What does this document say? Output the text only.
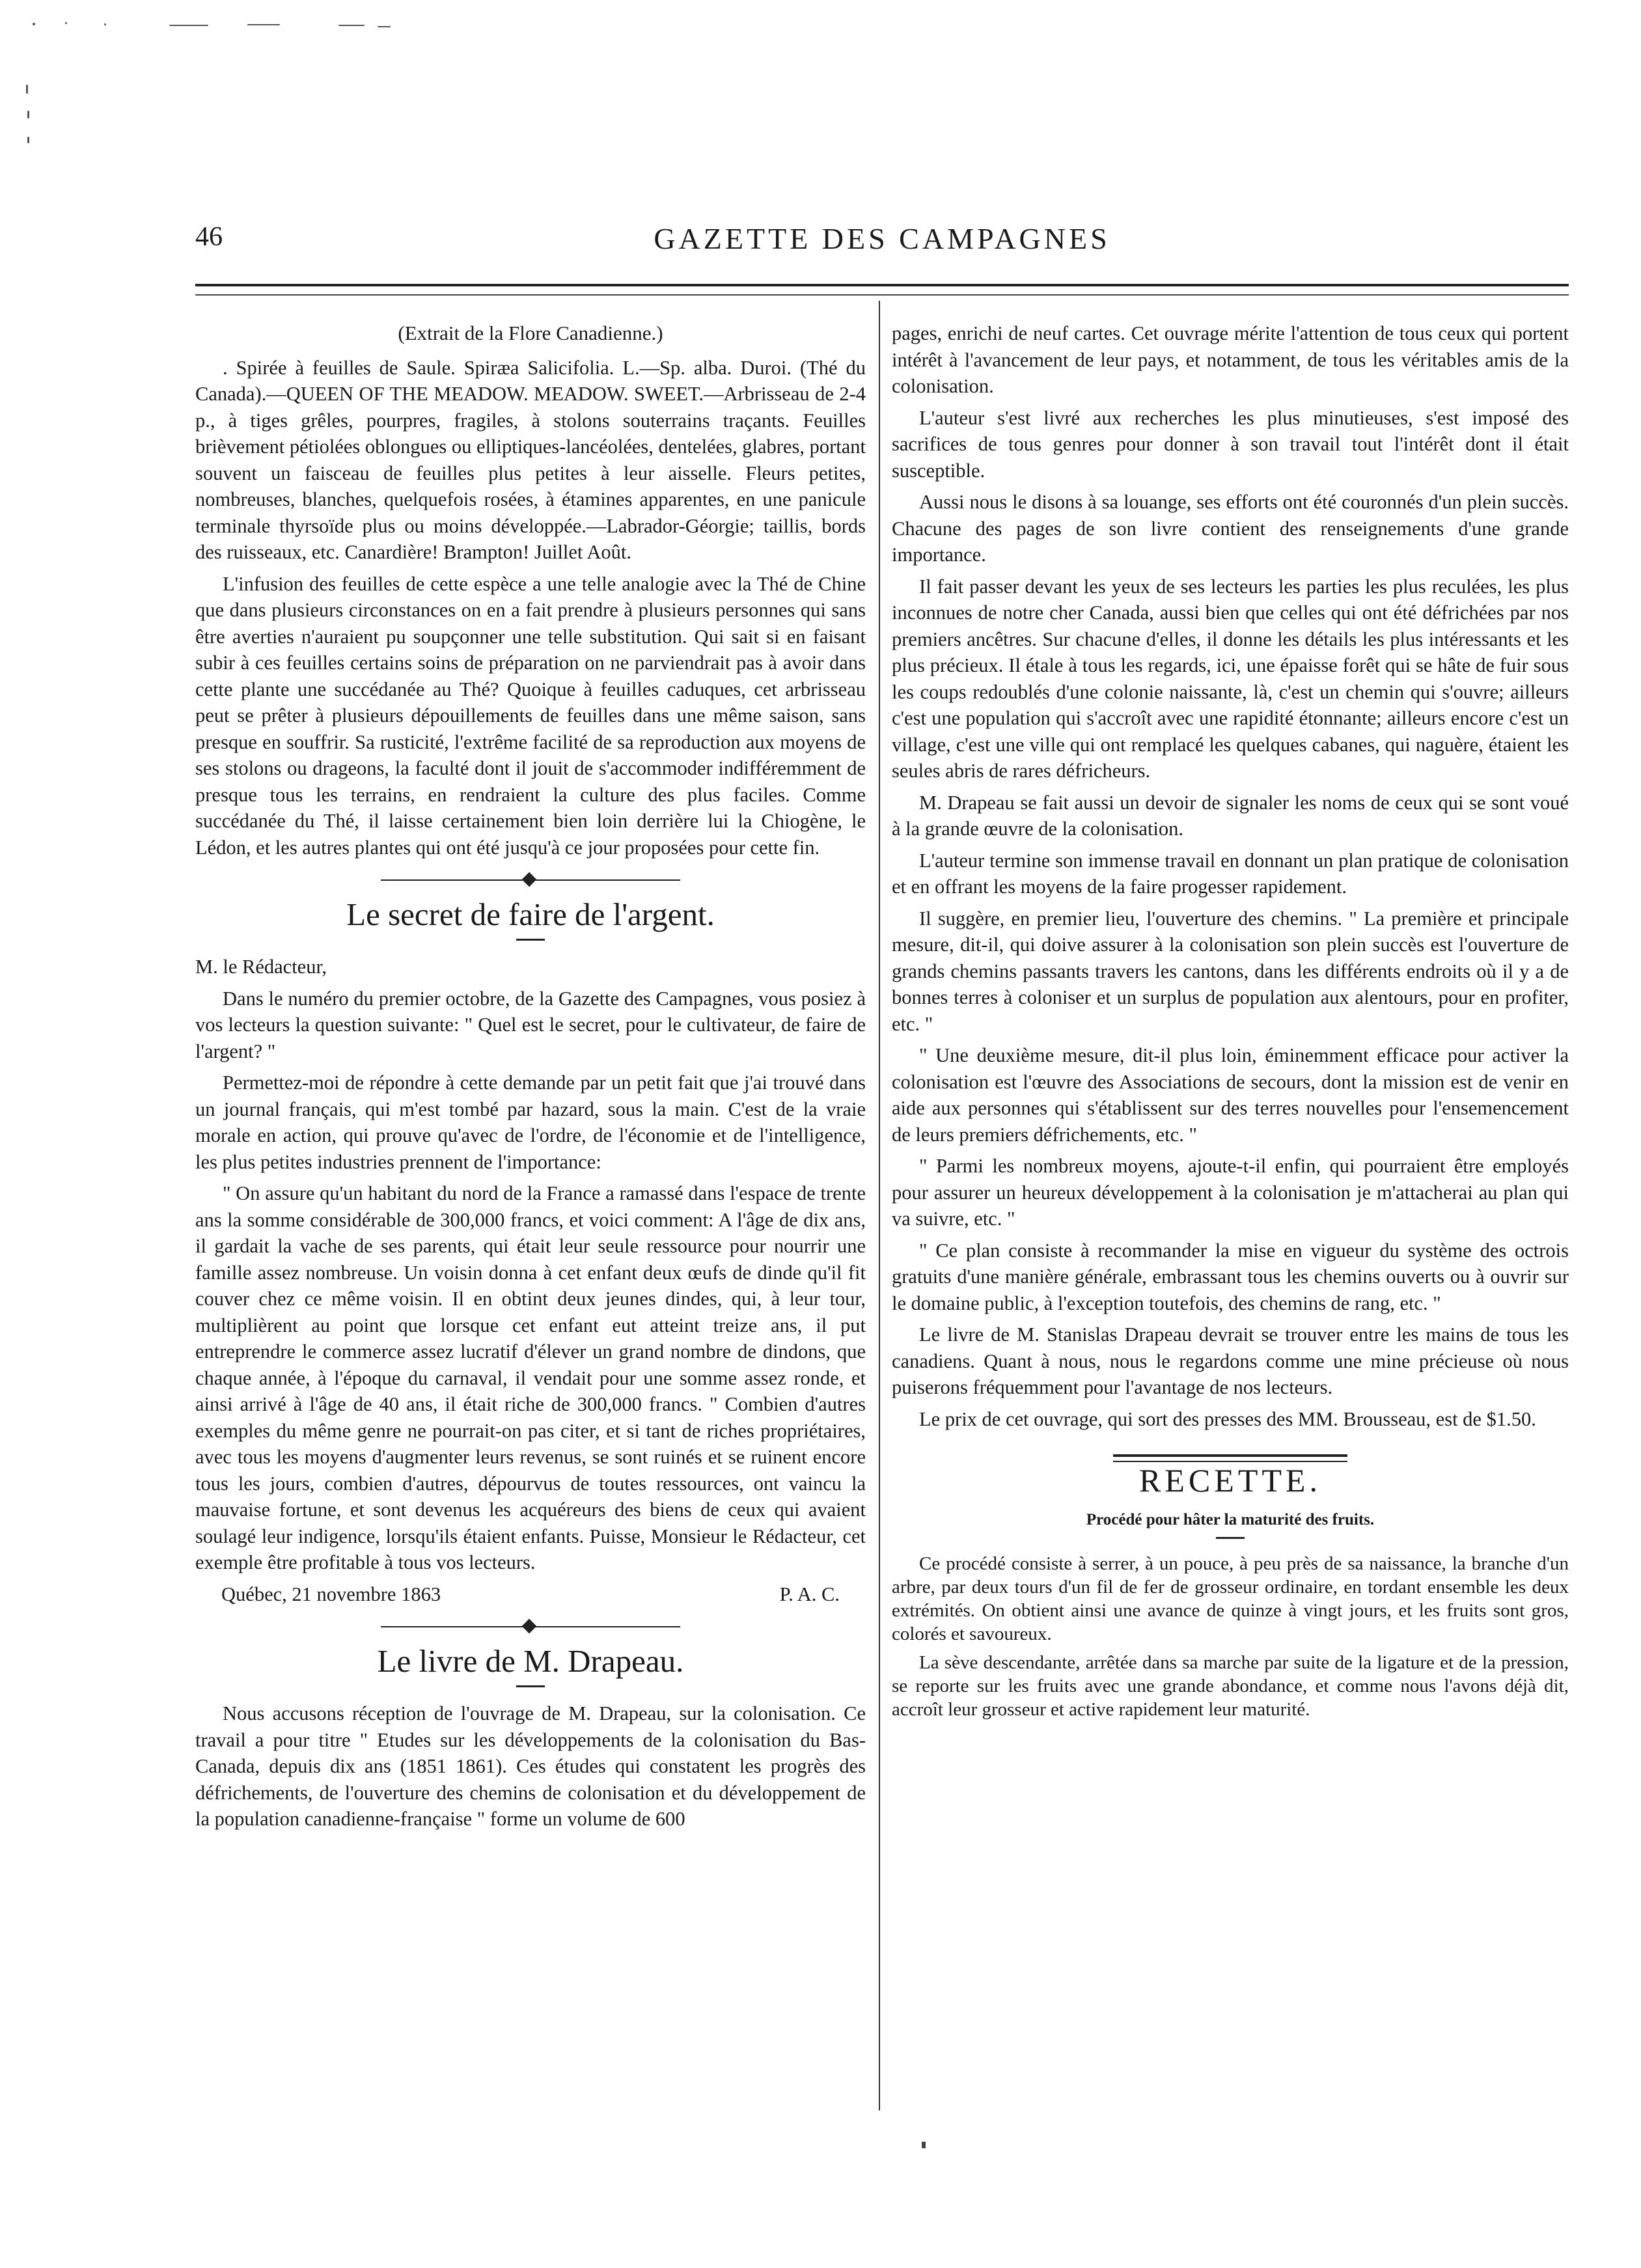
46	GAZETTE DES CAMPAGNES
(Extrait de la Flore Canadienne.)

. Spirée à feuilles de Saule. Spiræa Salicifolia. L.—Sp. alba. Duroi. (Thé du Canada).—QUEEN OF THE MEADOW. MEADOW. SWEET.—Arbrisseau de 2-4 p., à tiges grêles, pourpres, fragiles, à stolons souterrains traçants. Feuilles brièvement pétiolées oblongues ou elliptiques-lancéolées, dentelées, glabres, portant souvent un faisceau de feuilles plus petites à leur aisselle. Fleurs petites, nombreuses, blanches, quelquefois rosées, à étamines apparentes, en une panicule terminale thyrsoïde plus ou moins développée.—Labrador-Géorgie; taillis, bords des ruisseaux, etc. Canardière! Brampton! Juillet Août.

L'infusion des feuilles de cette espèce a une telle analogie avec la Thé de Chine que dans plusieurs circonstances on en a fait prendre à plusieurs personnes qui sans être averties n'auraient pu soupçonner une telle substitution. Qui sait si en faisant subir à ces feuilles certains soins de préparation on ne parviendrait pas à avoir dans cette plante une succédanée au Thé? Quoique à feuilles caduques, cet arbrisseau peut se prêter à plusieurs dépouillements de feuilles dans une même saison, sans presque en souffrir. Sa rusticité, l'extrême facilité de sa reproduction aux moyens de ses stolons ou drageons, la faculté dont il jouit de s'accommoder indifféremment de presque tous les terrains, en rendraient la culture des plus faciles. Comme succédanée du Thé, il laisse certainement bien loin derrière lui la Chiogène, le Lédon, et les autres plantes qui ont été jusqu'à ce jour proposées pour cette fin.

Le secret de faire de l'argent.

M. le Rédacteur,

Dans le numéro du premier octobre, de la Gazette des Campagnes, vous posiez à vos lecteurs la question suivante: " Quel est le secret, pour le cultivateur, de faire de l'argent? "

Permettez-moi de répondre à cette demande par un petit fait que j'ai trouvé dans un journal français, qui m'est tombé par hazard, sous la main. C'est de la vraie morale en action, qui prouve qu'avec de l'ordre, de l'économie et de l'intelligence, les plus petites industries prennent de l'importance:

" On assure qu'un habitant du nord de la France a ramassé dans l'espace de trente ans la somme considérable de 300,000 francs, et voici comment: A l'âge de dix ans, il gardait la vache de ses parents, qui était leur seule ressource pour nourrir une famille assez nombreuse. Un voisin donna à cet enfant deux œufs de dinde qu'il fit couver chez ce même voisin. Il en obtint deux jeunes dindes, qui, à leur tour, multiplièrent au point que lorsque cet enfant eut atteint treize ans, il put entreprendre le commerce assez lucratif d'élever un grand nombre de dindons, que chaque année, à l'époque du carnaval, il vendait pour une somme assez ronde, et ainsi arrivé à l'âge de 40 ans, il était riche de 300,000 francs. " Combien d'autres exemples du même genre ne pourrait-on pas citer, et si tant de riches propriétaires, avec tous les moyens d'augmenter leurs revenus, se sont ruinés et se ruinent encore tous les jours, combien d'autres, dépourvus de toutes ressources, ont vaincu la mauvaise fortune, et sont devenus les acquéreurs des biens de ceux qui avaient soulagé leur indigence, lorsqu'ils étaient enfants. Puisse, Monsieur le Rédacteur, cet exemple être profitable à tous vos lecteurs.

Québec, 21 novembre 1863	P. A. C.
Le livre de M. Drapeau.

Nous accusons réception de l'ouvrage de M. Drapeau, sur la colonisation. Ce travail a pour titre " Etudes sur les développements de la colonisation du Bas-Canada, depuis dix ans (1851 1861). Ces études qui constatent les progrès des défrichements, de l'ouverture des chemins de colonisation et du développement de la population canadienne-française " forme un volume de 600

pages, enrichi de neuf cartes. Cet ouvrage mérite l'attention de tous ceux qui portent intérêt à l'avancement de leur pays, et notamment, de tous les véritables amis de la colonisation.

L'auteur s'est livré aux recherches les plus minutieuses, s'est imposé des sacrifices de tous genres pour donner à son travail tout l'intérêt dont il était susceptible.

Aussi nous le disons à sa louange, ses efforts ont été couronnés d'un plein succès. Chacune des pages de son livre contient des renseignements d'une grande importance.

Il fait passer devant les yeux de ses lecteurs les parties les plus reculées, les plus inconnues de notre cher Canada, aussi bien que celles qui ont été défrichées par nos premiers ancêtres. Sur chacune d'elles, il donne les détails les plus intéressants et les plus précieux. Il étale à tous les regards, ici, une épaisse forêt qui se hâte de fuir sous les coups redoublés d'une colonie naissante, là, c'est un chemin qui s'ouvre; ailleurs c'est une population qui s'accroît avec une rapidité étonnante; ailleurs encore c'est un village, c'est une ville qui ont remplacé les quelques cabanes, qui naguère, étaient les seules abris de rares défricheurs.

M. Drapeau se fait aussi un devoir de signaler les noms de ceux qui se sont voué à la grande œuvre de la colonisation.

L'auteur termine son immense travail en donnant un plan pratique de colonisation et en offrant les moyens de la faire progesser rapidement.

Il suggère, en premier lieu, l'ouverture des chemins. " La première et principale mesure, dit-il, qui doive assurer à la colonisation son plein succès est l'ouverture de grands chemins passants travers les cantons, dans les différents endroits où il y a de bonnes terres à coloniser et un surplus de population aux alentours, pour en profiter, etc. "

" Une deuxième mesure, dit-il plus loin, éminemment efficace pour activer la colonisation est l'œuvre des Associations de secours, dont la mission est de venir en aide aux personnes qui s'établissent sur des terres nouvelles pour l'ensemencement de leurs premiers défrichements, etc. "

" Parmi les nombreux moyens, ajoute-t-il enfin, qui pourraient être employés pour assurer un heureux développement à la colonisation je m'attacherai au plan qui va suivre, etc. "

" Ce plan consiste à recommander la mise en vigueur du système des octrois gratuits d'une manière générale, embrassant tous les chemins ouverts ou à ouvrir sur le domaine public, à l'exception toutefois, des chemins de rang, etc. "

Le livre de M. Stanislas Drapeau devrait se trouver entre les mains de tous les canadiens. Quant à nous, nous le regardons comme une mine précieuse où nous puiserons fréquemment pour l'avantage de nos lecteurs.

Le prix de cet ouvrage, qui sort des presses des MM. Brousseau, est de $1.50.

RECETTE.
Procédé pour hâter la maturité des fruits.

Ce procédé consiste à serrer, à un pouce, à peu près de sa naissance, la branche d'un arbre, par deux tours d'un fil de fer de grosseur ordinaire, en tordant ensemble les deux extrémités. On obtient ainsi une avance de quinze à vingt jours, et les fruits sont gros, colorés et savoureux.

La sève descendante, arrêtée dans sa marche par suite de la ligature et de la pression, se reporte sur les fruits avec une grande abondance, et comme nous l'avons déjà dit, accroît leur grosseur et active rapidement leur maturité.
